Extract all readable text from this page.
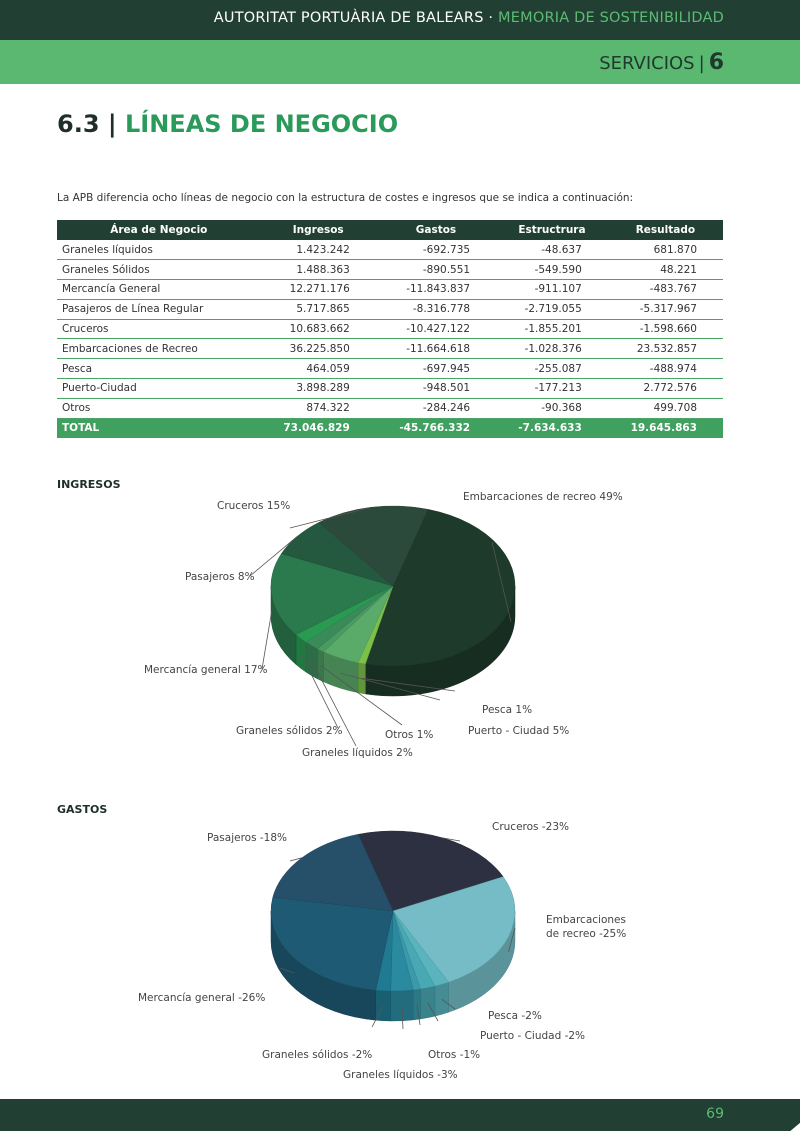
AUTORITAT PORTUÀRIA DE BALEARS · MEMORIA DE SOSTENIBILIDAD
SERVICIOS | 6
6.3 | LÍNEAS DE NEGOCIO

La APB diferencia ocho líneas de negocio con la estructura de costes e ingresos que se indica a continuación:

Área de Negocio	Ingresos	Gastos	Estructrura	Resultado
Graneles líquidos	1.423.242	-692.735	-48.637	681.870
Graneles Sólidos	1.488.363	-890.551	-549.590	48.221
Mercancía General	12.271.176	-11.843.837	-911.107	-483.767
Pasajeros de Línea Regular	5.717.865	-8.316.778	-2.719.055	-5.317.967
Cruceros	10.683.662	-10.427.122	-1.855.201	-1.598.660
Embarcaciones de Recreo	36.225.850	-11.664.618	-1.028.376	23.532.857
Pesca	464.059	-697.945	-255.087	-488.974
Puerto-Ciudad	3.898.289	-948.501	-177.213	2.772.576
Otros	874.322	-284.246	-90.368	499.708
TOTAL	73.046.829	-45.766.332	-7.634.633	19.645.863
INGRESOS
Embarcaciones de recreo 49%
Pesca 1%
Puerto - Ciudad 5%
Otros 1%
Graneles líquidos 2%
Graneles sólidos 2%
Mercancía general 17%
Pasajeros 8%
Cruceros 15%
GASTOS
Cruceros -23%
Embarcaciones
de recreo -25%
Pesca -2%
Puerto - Ciudad -2%
Otros -1%
Graneles líquidos -3%
Graneles sólidos -2%
Mercancía general -26%
Pasajeros -18%
69
